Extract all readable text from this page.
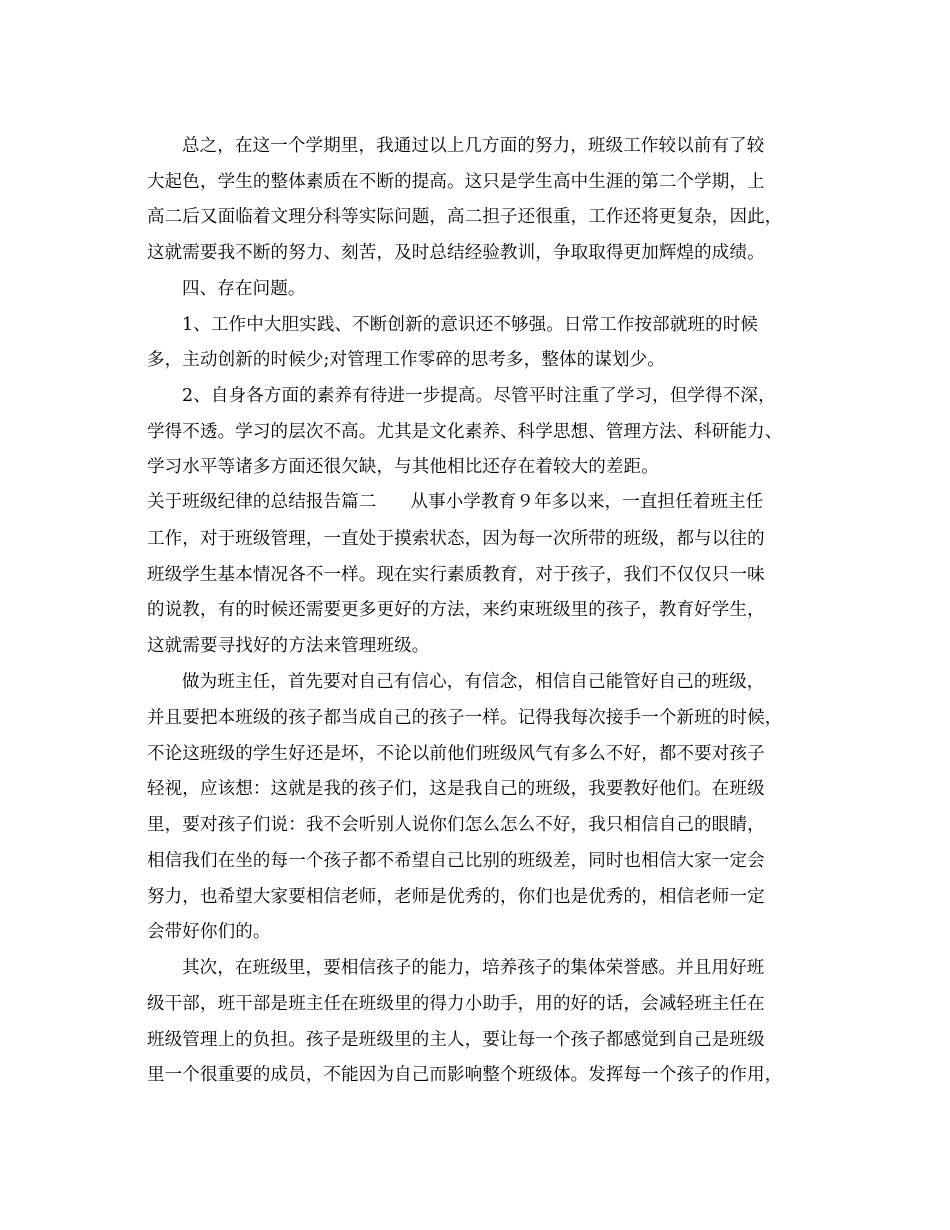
总之，在这一个学期里，我通过以上几方面的努力，班级工作较以前有了较
大起色，学生的整体素质在不断的提高。这只是学生高中生涯的第二个学期，上
高二后又面临着文理分科等实际问题，高二担子还很重，工作还将更复杂，因此，
这就需要我不断的努力、刻苦，及时总结经验教训，争取取得更加辉煌的成绩。
四、存在问题。
1、工作中大胆实践、不断创新的意识还不够强。日常工作按部就班的时候
多，主动创新的时候少;对管理工作零碎的思考多，整体的谋划少。
2、自身各方面的素养有待进一步提高。尽管平时注重了学习，但学得不深，
学得不透。学习的层次不高。尤其是文化素养、科学思想、管理方法、科研能力、
学习水平等诸多方面还很欠缺，与其他相比还存在着较大的差距。
关于班级纪律的总结报告篇二 从事小学教育９年多以来，一直担任着班主任
工作，对于班级管理，一直处于摸索状态，因为每一次所带的班级，都与以往的
班级学生基本情况各不一样。现在实行素质教育，对于孩子，我们不仅仅只一味
的说教，有的时候还需要更多更好的方法，来约束班级里的孩子，教育好学生，
这就需要寻找好的方法来管理班级。
做为班主任，首先要对自己有信心，有信念，相信自己能管好自己的班级，
并且要把本班级的孩子都当成自己的孩子一样。记得我每次接手一个新班的时候，
不论这班级的学生好还是坏，不论以前他们班级风气有多么不好，都不要对孩子
轻视，应该想：这就是我的孩子们，这是我自己的班级，我要教好他们。在班级
里，要对孩子们说：我不会听别人说你们怎么怎么不好，我只相信自己的眼睛，
相信我们在坐的每一个孩子都不希望自己比别的班级差，同时也相信大家一定会
努力，也希望大家要相信老师，老师是优秀的，你们也是优秀的，相信老师一定
会带好你们的。
其次，在班级里，要相信孩子的能力，培养孩子的集体荣誉感。并且用好班
级干部，班干部是班主任在班级里的得力小助手，用的好的话，会减轻班主任在
班级管理上的负担。孩子是班级里的主人，要让每一个孩子都感觉到自己是班级
里一个很重要的成员，不能因为自己而影响整个班级体。发挥每一个孩子的作用，
